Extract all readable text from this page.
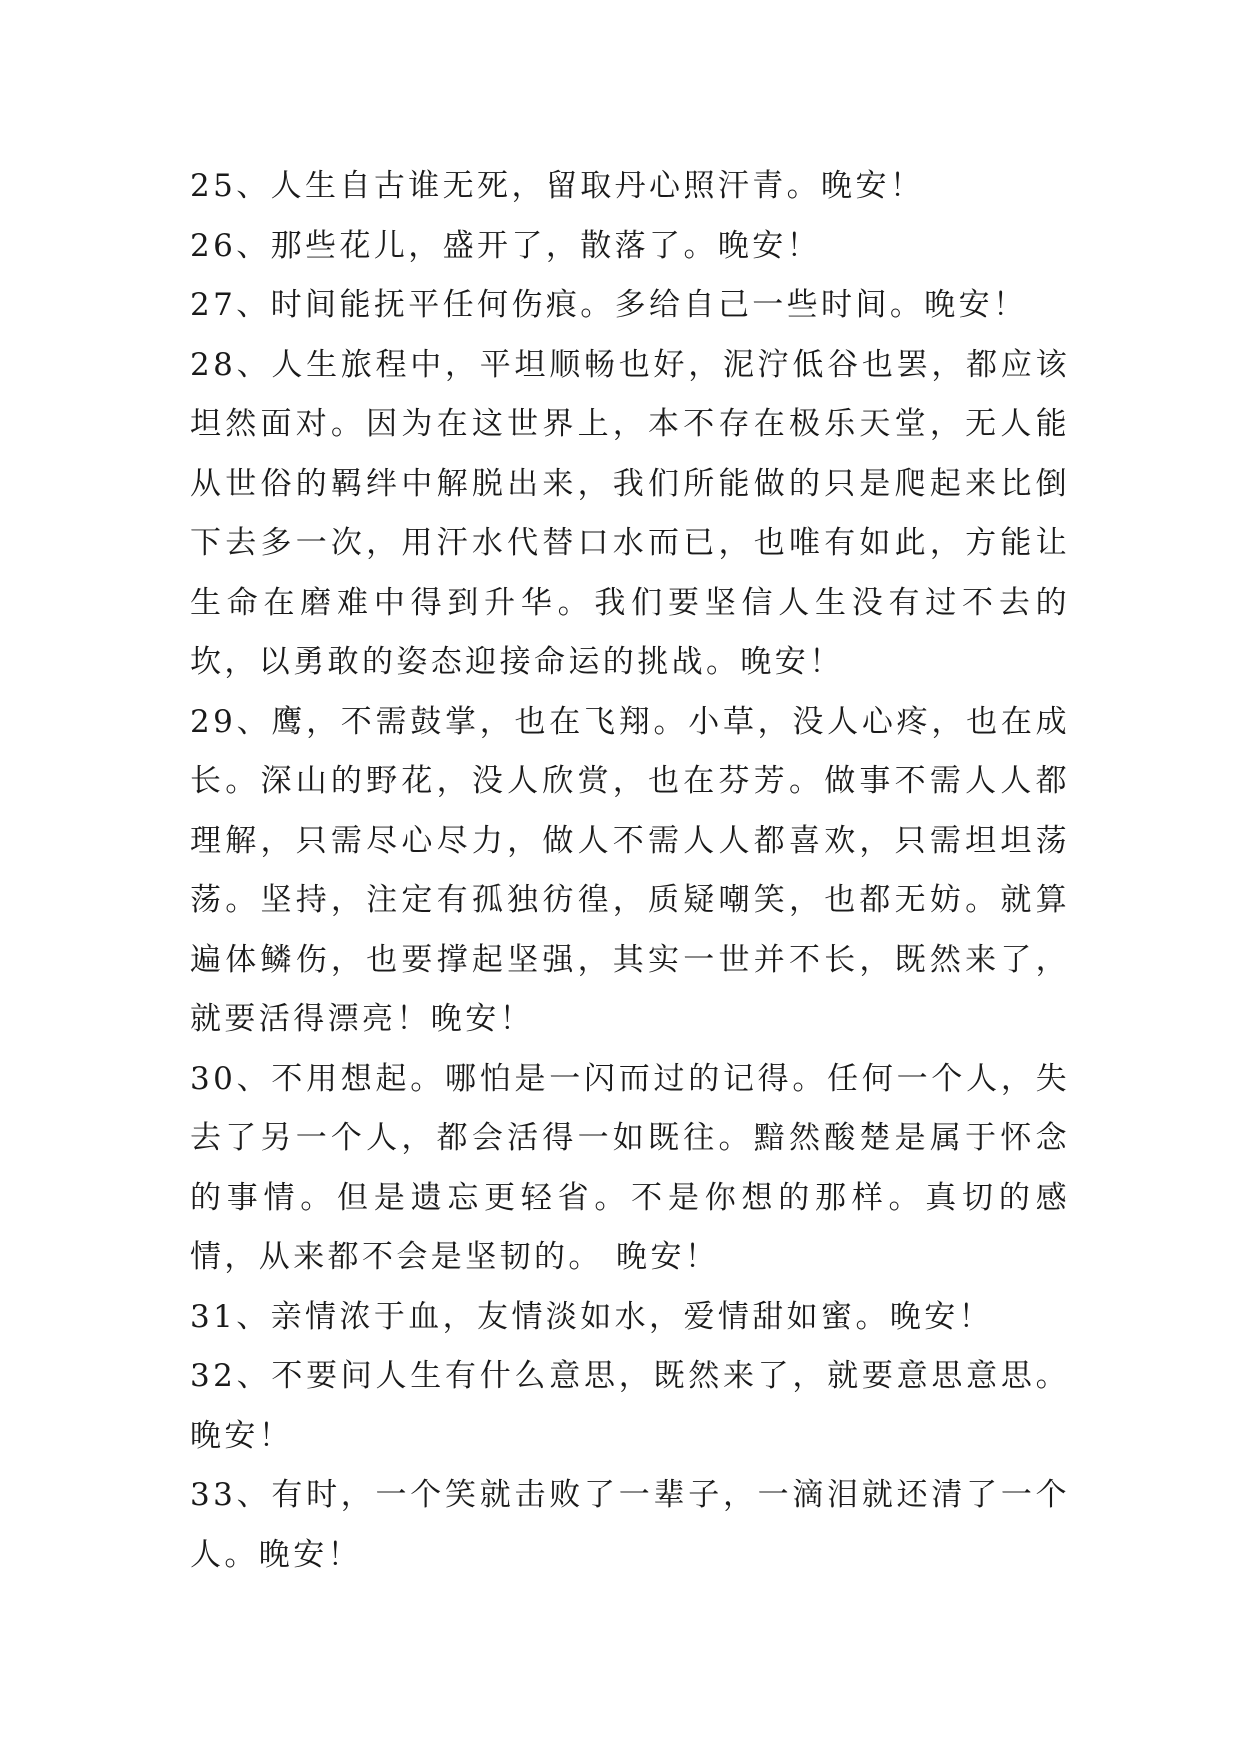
25、人生自古谁无死，留取丹心照汗青。晚安！

26、那些花儿，盛开了，散落了。晚安！

27、时间能抚平任何伤痕。多给自己一些时间。晚安！

28、人生旅程中，平坦顺畅也好，泥泞低谷也罢，都应该坦然面对。因为在这世界上，本不存在极乐天堂，无人能从世俗的羁绊中解脱出来，我们所能做的只是爬起来比倒下去多一次，用汗水代替口水而已，也唯有如此，方能让生命在磨难中得到升华。我们要坚信人生没有过不去的坎，以勇敢的姿态迎接命运的挑战。晚安！

29、鹰，不需鼓掌，也在飞翔。小草，没人心疼，也在成长。深山的野花，没人欣赏，也在芬芳。做事不需人人都理解，只需尽心尽力，做人不需人人都喜欢，只需坦坦荡荡。坚持，注定有孤独彷徨，质疑嘲笑，也都无妨。就算遍体鳞伤，也要撑起坚强，其实一世并不长，既然来了，就要活得漂亮！晚安！

30、不用想起。哪怕是一闪而过的记得。任何一个人，失去了另一个人，都会活得一如既往。黯然酸楚是属于怀念的事情。但是遗忘更轻省。不是你想的那样。真切的感情，从来都不会是坚韧的。 晚安！

31、亲情浓于血，友情淡如水，爱情甜如蜜。晚安！

32、不要问人生有什么意思，既然来了，就要意思意思。晚安！

33、有时，一个笑就击败了一辈子，一滴泪就还清了一个人。晚安！
